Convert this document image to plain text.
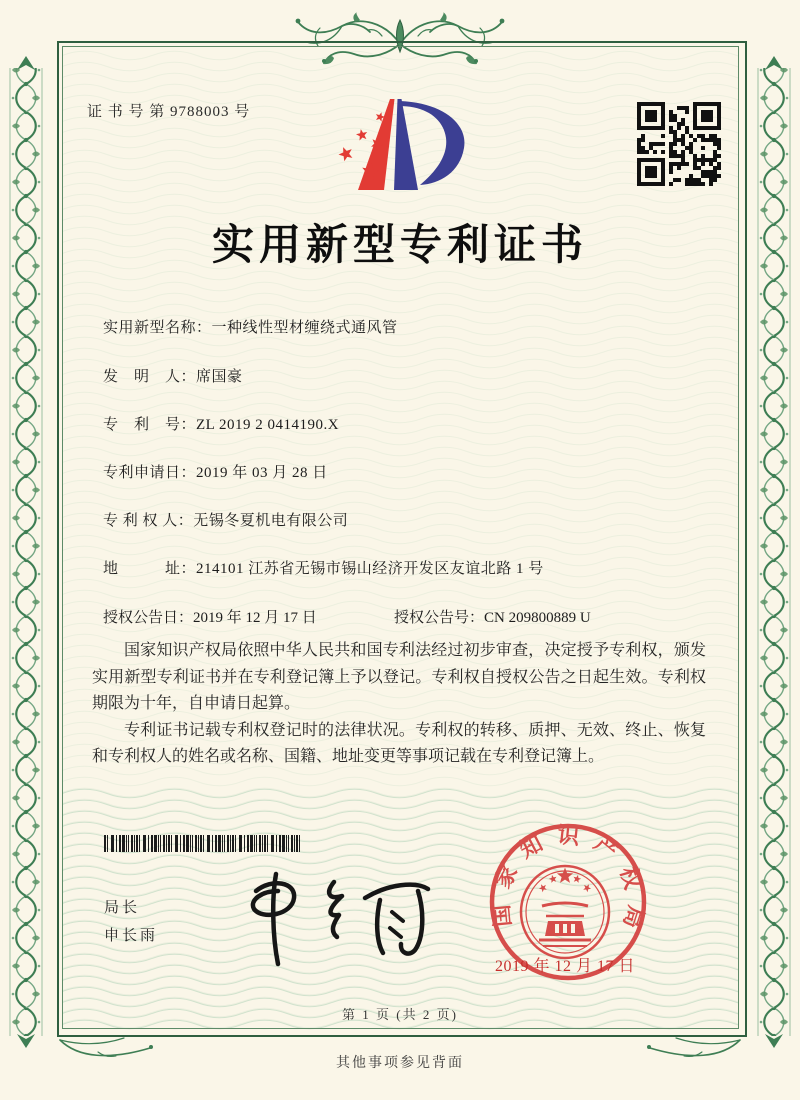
证 书 号 第 9788003 号
实用新型专利证书
实用新型名称：一种线性型材缠绕式通风管
发　明　人：席国豪
专　利　号：ZL 2019 2 0414190.X
专利申请日：2019 年 03 月 28 日
专 利 权 人：无锡冬夏机电有限公司
地　　　址：214101 江苏省无锡市锡山经济开发区友谊北路 1 号
授权公告日：2019 年 12 月 17 日	授权公告号：CN 209800889 U

国家知识产权局依照中华人民共和国专利法经过初步审查，决定授予专利权，颁发实用新型专利证书并在专利登记簿上予以登记。专利权自授权公告之日起生效。专利权期限为十年，自申请日起算。

专利证书记载专利权登记时的法律状况。专利权的转移、质押、无效、终止、恢复和专利权人的姓名或名称、国籍、地址变更等事项记载在专利登记簿上。

局长
申长雨
国家知识产权局
2019 年 12 月 17 日
第 1 页 (共 2 页)
其他事项参见背面
